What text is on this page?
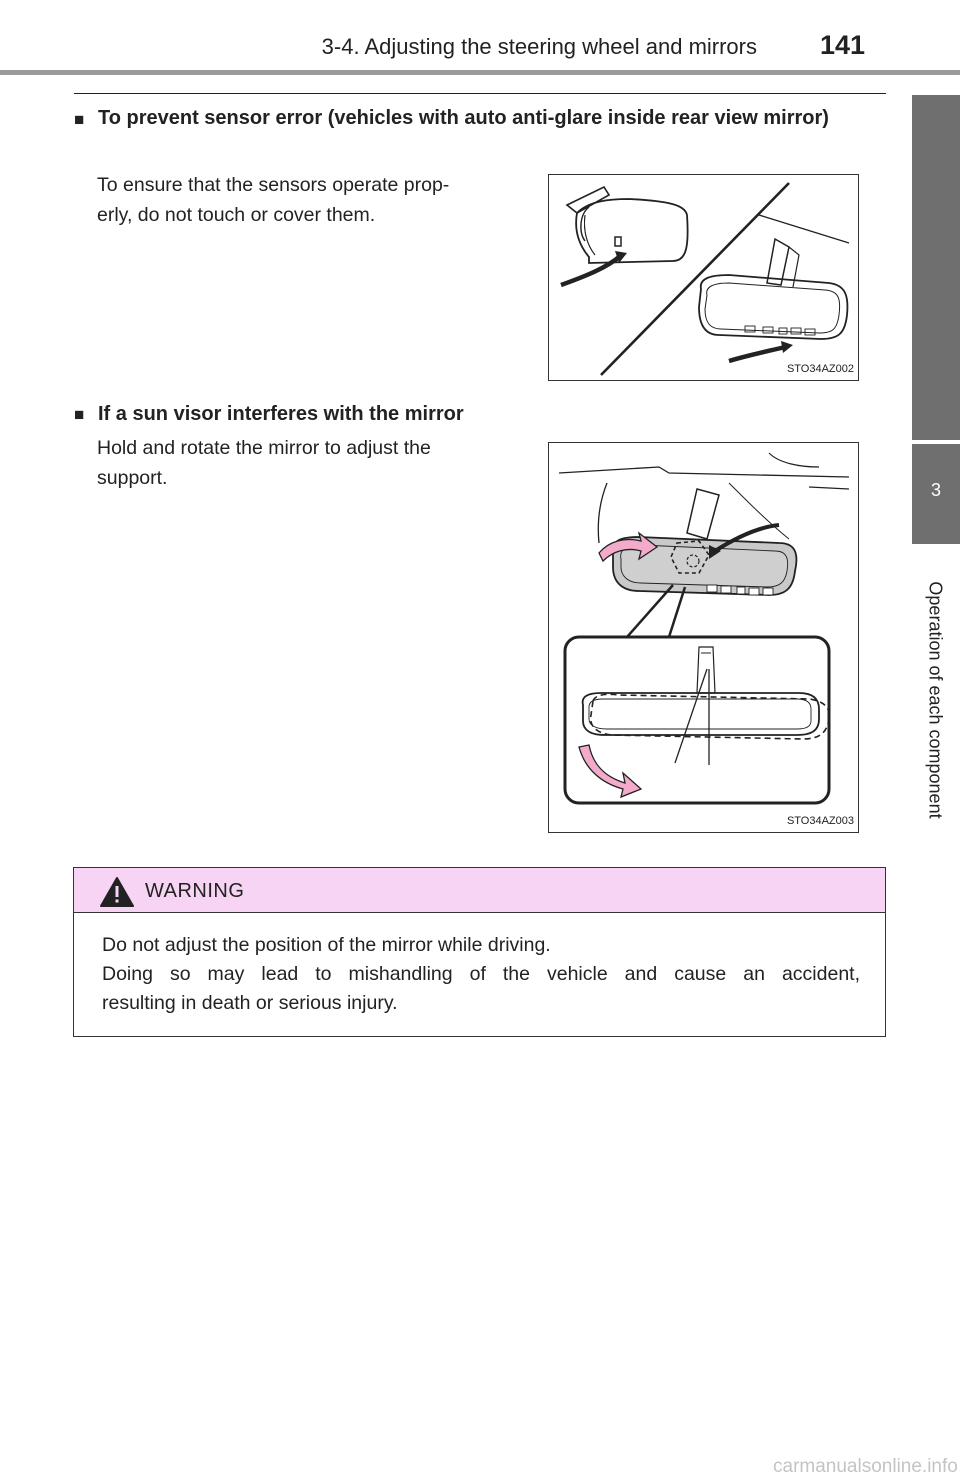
3-4. Adjusting the steering wheel and mirrors 141
3
Operation of each component
■ To prevent sensor error (vehicles with auto anti-glare inside rear view mirror)
To ensure that the sensors operate prop-
erly, do not touch or cover them.
STO34AZ002
■ If a sun visor interferes with the mirror
Hold and rotate the mirror to adjust the
support.
STO34AZ003
WARNING
Do not adjust the position of the mirror while driving.
Doing so may lead to mishandling of the vehicle and cause an accident,
resulting in death or serious injury.
carmanualsonline.info
